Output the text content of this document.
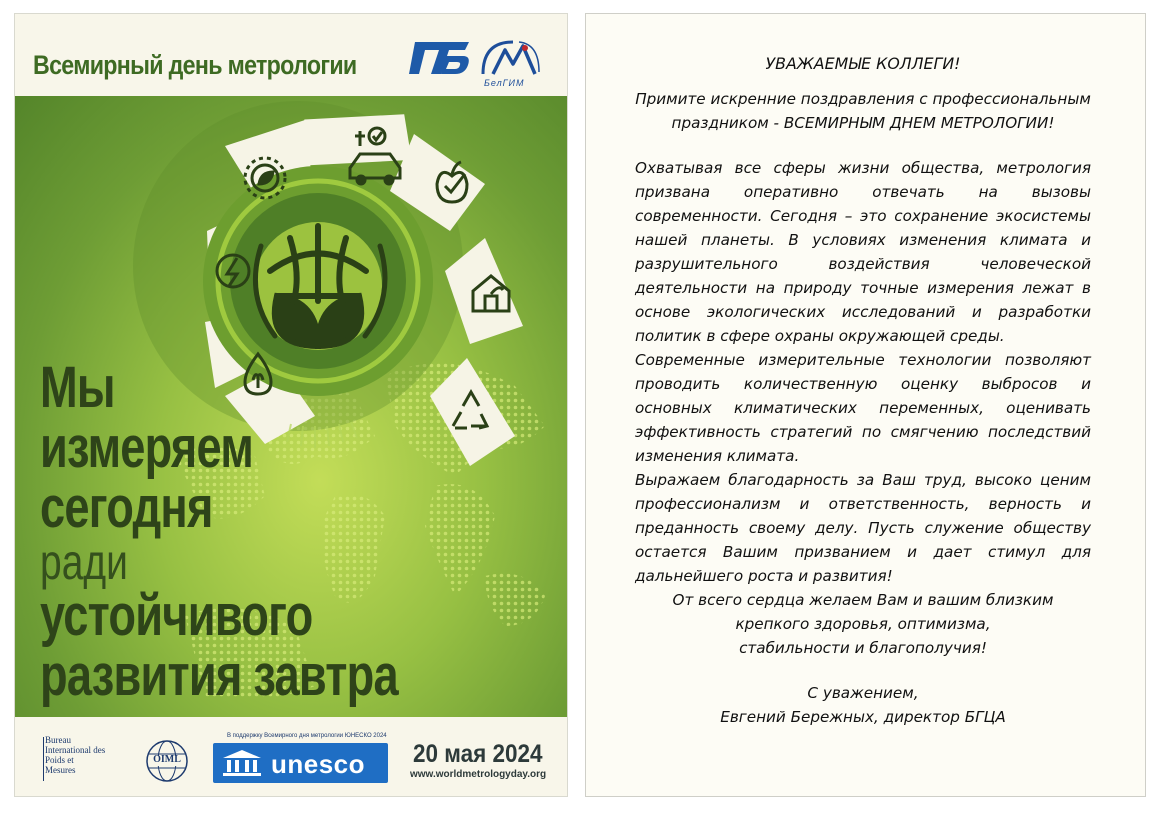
Всемирный день метрологии
БелГИМ
Мы
измеряем
сегодня
ради
устойчивого
развития завтра
Bureau
International des
Poids et
Mesures
OIML
В поддержку Всемирного дня метрологии ЮНЕСКО 2024
unesco 20 мая 2024
www.worldmetrologyday.org
УВАЖАЕМЫЕ КОЛЛЕГИ!
Примите искренние поздравления с профессиональным
праздником - ВСЕМИРНЫМ ДНЕМ МЕТРОЛОГИИ!
Охватывая все сферы жизни общества, метрология призвана оперативно отвечать на вызовы современности. Сегодня – это сохранение экосистемы нашей планеты. В условиях изменения климата и разрушительного воздействия человеческой деятельности на природу точные измерения лежат в основе экологических исследований и разработки политик в сфере охраны окружающей среды.
Современные измерительные технологии позволяют проводить количественную оценку выбросов и основных климатических переменных, оценивать эффективность стратегий по смягчению последствий изменения климата.
Выражаем благодарность за Ваш труд, высоко ценим профессионализм и ответственность, верность и преданность своему делу. Пусть служение обществу остается Вашим призванием и дает стимул для дальнейшего роста и развития!
От всего сердца желаем Вам и вашим близким
крепкого здоровья, оптимизма,
стабильности и благополучия!
С уважением,
Евгений Бережных, директор БГЦА
